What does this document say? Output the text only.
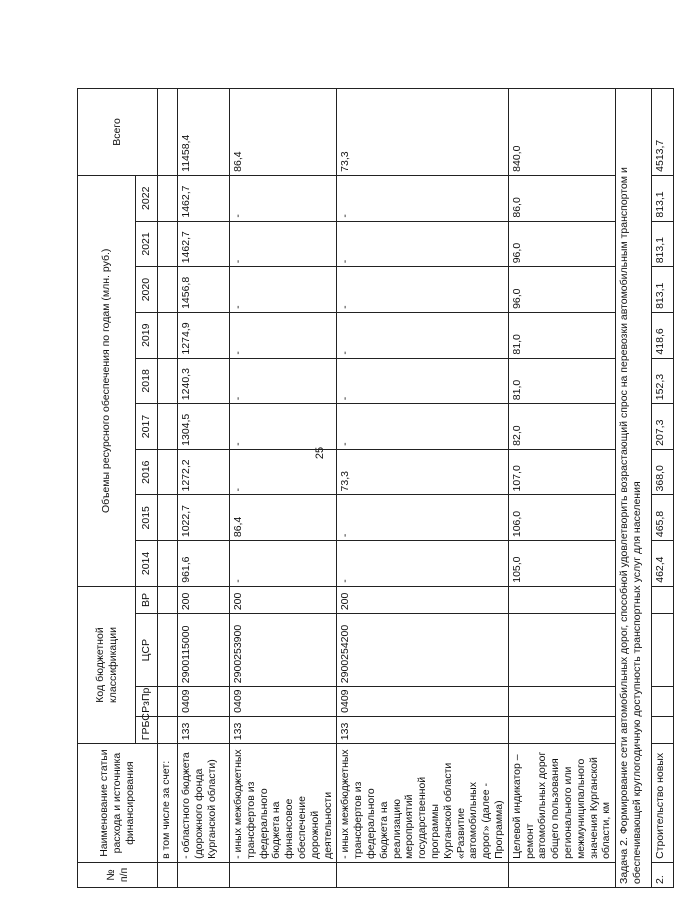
25
№ п/п	Наименование статьи расхода и источника финансирования	Код бюджетной классификации				Объемы ресурсного обеспечения по годам (млн. руб.)									Всего
		ГРБС	РзПр	ЦСР	ВР	2014	2015	2016	2017	2018	2019	2020	2021	2022	
	в том числе за счет:														
	- областного бюджета (дорожного фонда Курганской области)	133	0409	2900115000	200	961,6	1022,7	1272,2	1304,5	1240,3	1274,9	1456,8	1462,7	1462,7	11458,4
	- иных межбюджетных трансфертов из федерального бюджета на финансовое обеспечение дорожной деятельности	133	0409	2900253900	200	-	86,4	-	-	-	-	-	-	-	86,4
	- иных межбюджетных трансфертов из федерального бюджета на реализацию мероприятий государственной программы Курганской области «Развитие автомобильных дорог» (далее - Программа)	133	0409	2900254200	200	-	-	73,3	-	-	-	-	-	-	73,3
	Целевой индикатор – ремонт автомобильных дорог общего пользования регионального или межмуниципального значения Курганской области, км					105,0	106,0	107,0	82,0	81,0	81,0	96,0	96,0	86,0	840,0
Задача 2. Формирование сети автомобильных дорог, способной удовлетворить возрастающий спрос на перевозки автомобильным транспортом и обеспечивающей круглогодичную доступность транспортных услуг для населения															
2.	Строительство новых					462,4	465,8	368,0	207,3	152,3	418,6	813,1	813,1	813,1	4513,7
